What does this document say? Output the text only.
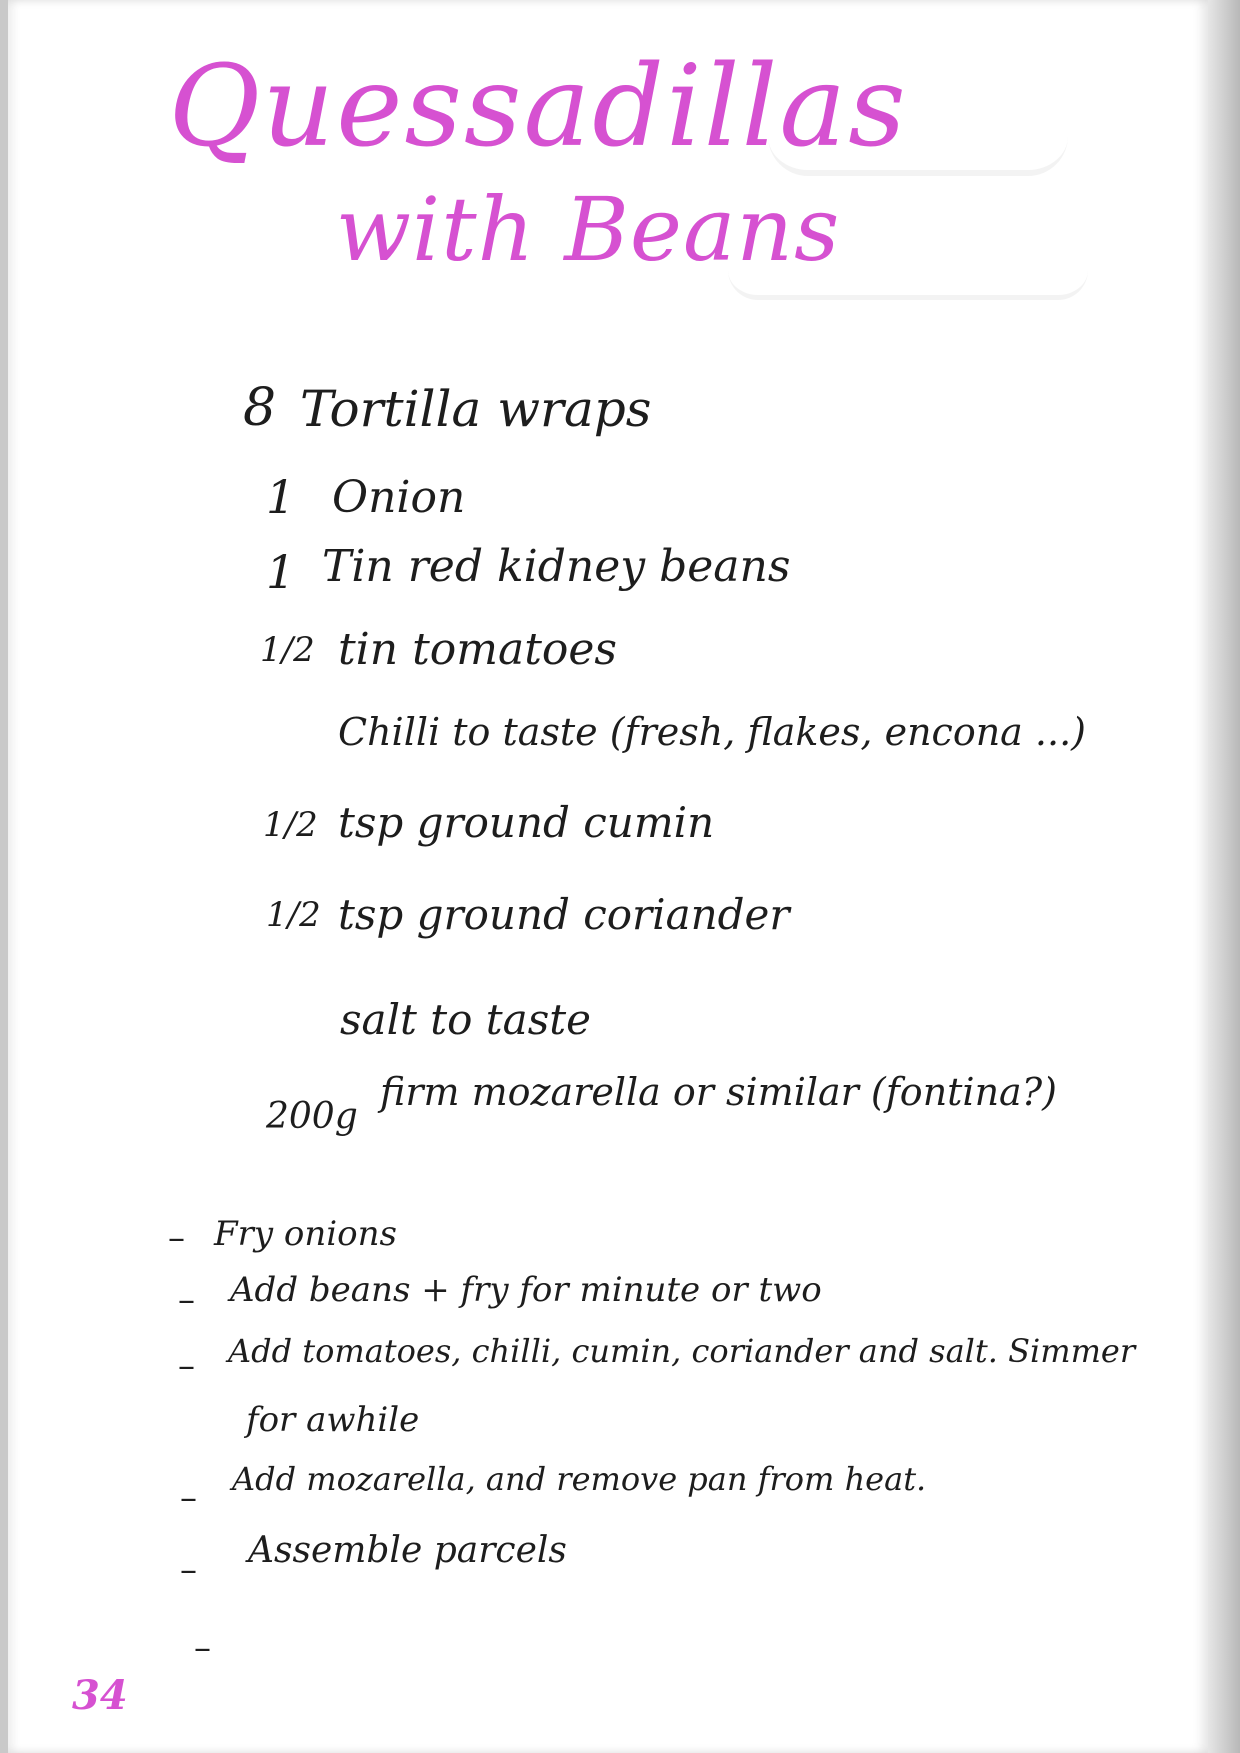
Quessadillas
with Beans
8 Tortilla wraps
1 Onion
1 Tin red kidney beans
1/2 tin tomatoes
Chilli to taste (fresh, flakes, encona ...)
1/2 tsp ground cumin
1/2 tsp ground coriander
salt to taste
200g
firm mozarella or similar (fontina?)
– Fry onions
– Add beans + fry for minute or two
– Add tomatoes, chilli, cumin, coriander and salt. Simmer
for awhile
– Add mozarella, and remove pan from heat.
– Assemble parcels
–
34
